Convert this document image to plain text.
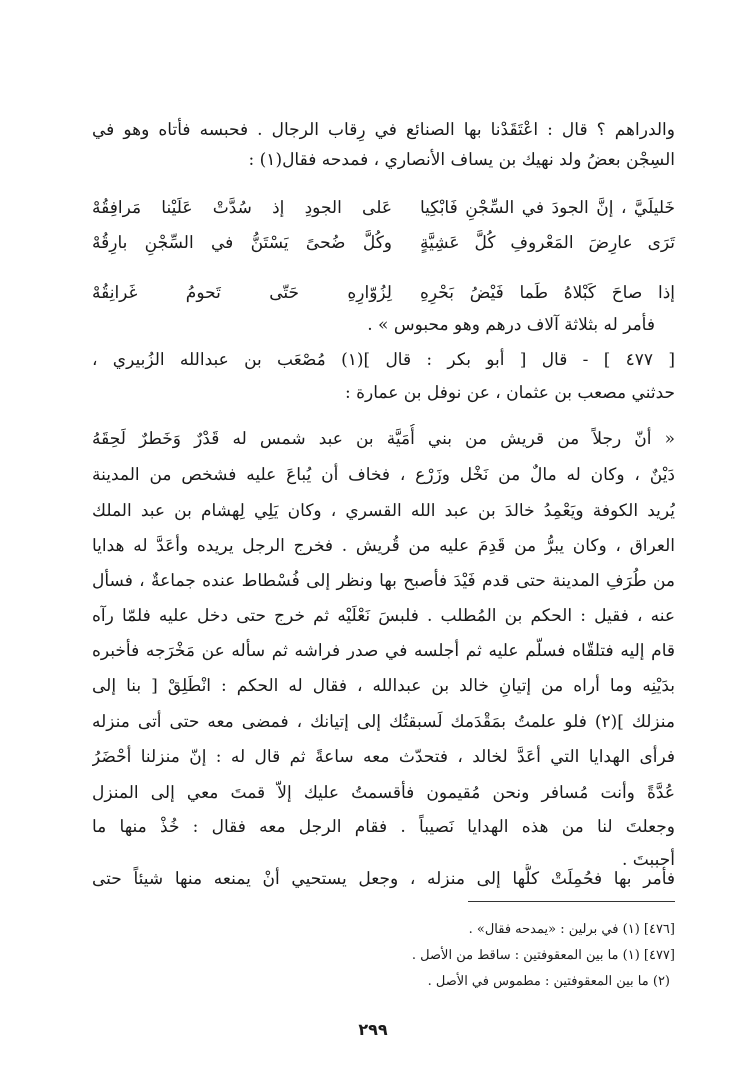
والدراهم ؟ قال : اعْتَقَدْنا بها الصنائع في رِقاب الرجال . فحبسه فأتاه وهو في
السِجْن بعضُ ولد نهيك بن يساف الأنصاري ، فمدحه فقال(١) :
خَليلَيَّ ، إنَّ الجودَ في السِّجْنِ فَابْكِيا
عَلى الجودِ إذ سُدَّتْ عَلَيْنا مَرافِقُهْ
تَرَى عارِضَ المَعْروفِ كُلَّ عَشِيَّةٍ
وكُلَّ ضُحىً يَسْتَنُّ في السِّجْنِ بارِقُهْ
إذا صاحَ كَبْلاهُ طَما فَيْضُ بَحْرِهِ
لِزُوّارِهِ حَتّى تَحومُ غَرانِقُهْ
فأمر له بثلاثة آلاف درهم وهو محبوس » .
[ ٤٧٧ ] - قال [ أبو بكر : قال ](١) مُصْعَب بن عبدالله الزُبيري ،
حدثني مصعب بن عثمان ، عن نوفل بن عمارة :
« أنّ رجلاً من قريش من بني أُمَيَّة بن عبد شمس له قَدْرٌ وَخَطرٌ لَحِقَهُ
دَيْنٌ ، وكان له مالٌ من نَخْل وزَرْع ، فخاف أن يُباعَ عليه فشخص من المدينة
يُريد الكوفة ويَعْمِدُ خالدَ بن عبد الله القسري ، وكان يَلِي لِهشام بن عبد الملك
العراق ، وكان يبرُّ من قَدِمَ عليه من قُريش . فخرج الرجل يريده وأعَدَّ له هدايا
من طُرَفِ المدينة حتى قدم فَيْدَ فأصبح بها ونظر إلى فُسْطاط عنده جماعةٌ ، فسأل
عنه ، فقيل : الحكم بن المُطلب . فلبسَ نَعْلَيْه ثم خرج حتى دخل عليه فلمّا رآه
قام إليه فتلقّاه فسلّم عليه ثم أجلسه في صدر فراشه ثم سأله عن مَخْرَجه فأخبره
بدَيْنِه وما أراه من إتيانِ خالد بن عبدالله ، فقال له الحكم : انْطَلِقْ [ بنا إلى
منزلك ](٢) فلو علمتُ بمَقْدَمك لَسبقتُك إلى إتيانك ، فمضى معه حتى أتى منزله
فرأى الهدايا التي أعَدَّ لخالد ، فتحدّث معه ساعةً ثم قال له : إنّ منزلنا أحْضَرُ
عُدَّةً وأنت مُسافر ونحن مُقيمون فأقسمتُ عليك إلاّ قمتَ معي إلى المنزل
وجعلتَ لنا من هذه الهدايا نَصيباً . فقام الرجل معه فقال : خُذْ منها ما
أحببتَ .
فأمر بها فحُمِلَتْ كلُّها إلى منزله ، وجعل يستحيي أنْ يمنعه منها شيئاً حتى
[٤٧٦] (١) في برلين : «يمدحه فقال» .
[٤٧٧] (١) ما بين المعقوفتين : ساقط من الأصل .
(٢) ما بين المعقوفتين : مطموس في الأصل .
٢٩٩
